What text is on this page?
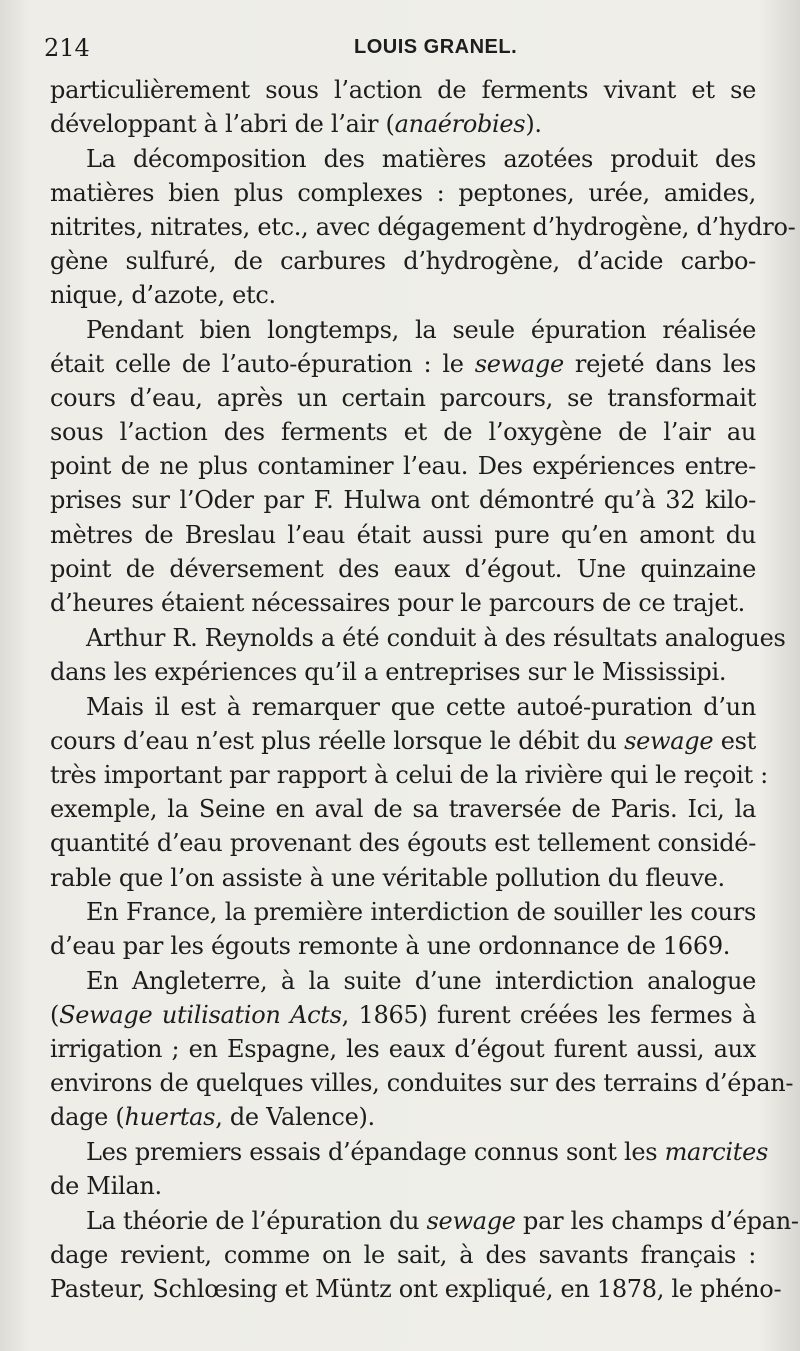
214	LOUIS GRANEL.
particulièrement sous l’action de ferments vivant et se
développant à l’abri de l’air (anaérobies).
La décomposition des matières azotées produit des
matières bien plus complexes : peptones, urée, amides,
nitrites, nitrates, etc., avec dégagement d’hydrogène, d’hydro-
gène sulfuré, de carbures d’hydrogène, d’acide carbo-
nique, d’azote, etc.
Pendant bien longtemps, la seule épuration réalisée
était celle de l’auto-épuration : le sewage rejeté dans les
cours d’eau, après un certain parcours, se transformait
sous l’action des ferments et de l’oxygène de l’air au
point de ne plus contaminer l’eau. Des expériences entre-
prises sur l’Oder par F. Hulwa ont démontré qu’à 32 kilo-
mètres de Breslau l’eau était aussi pure qu’en amont du
point de déversement des eaux d’égout. Une quinzaine
d’heures étaient nécessaires pour le parcours de ce trajet.
Arthur R. Reynolds a été conduit à des résultats analogues
dans les expériences qu’il a entreprises sur le Mississipi.
Mais il est à remarquer que cette autoé-puration d’un
cours d’eau n’est plus réelle lorsque le débit du sewage est
très important par rapport à celui de la rivière qui le reçoit :
exemple, la Seine en aval de sa traversée de Paris. Ici, la
quantité d’eau provenant des égouts est tellement considé-
rable que l’on assiste à une véritable pollution du fleuve.
En France, la première interdiction de souiller les cours
d’eau par les égouts remonte à une ordonnance de 1669.
En Angleterre, à la suite d’une interdiction analogue
(Sewage utilisation Acts, 1865) furent créées les fermes à
irrigation ; en Espagne, les eaux d’égout furent aussi, aux
environs de quelques villes, conduites sur des terrains d’épan-
dage (huertas, de Valence).
Les premiers essais d’épandage connus sont les marcites
de Milan.
La théorie de l’épuration du sewage par les champs d’épan-
dage revient, comme on le sait, à des savants français :
Pasteur, Schlœsing et Müntz ont expliqué, en 1878, le phéno-
